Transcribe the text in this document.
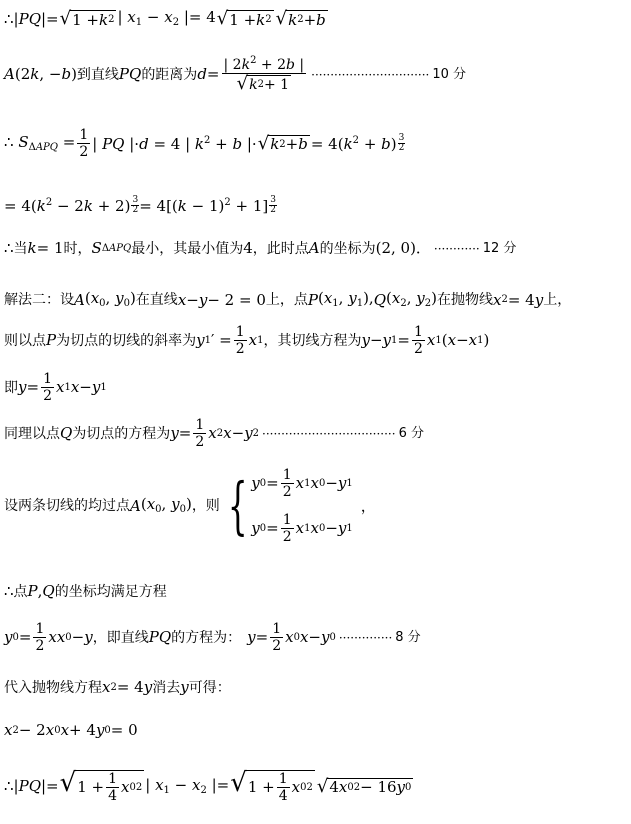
∴| PQ |= √ 1 + k 2 | $x_1 - x_2$ |= 4 √ 1 + k 2 √ k 2 + b
A (2k, −b) 到直线 PQ 的距离为 $d = \frac{| 2k^2 + 2b |}{√ k 2 + 1}$ ······························· 10 分
∴ $S_{\Delta APQ} = \frac{1}{2}$ | PQ |·d = 4 | $k^2 + b$ |· √ k $2 + b = 4(k^2 + b)$ 3
2
= $4(k^2 - 2k + 2) \frac{3}{2} = 4[(k - 1)^2 + 1]$ 3
2
∴ 当 k = 1 时， S ΔAPQ 最小，其最小值为 4 ，此时点 A 的坐标为 (2, 0)． ············ 12 分
解法二：设 A ($x_0$, $y_0$) 在直线 x − y − 2 = 0 上，点 P ($x_1$, $y_1$), Q ($x_2$, $y_2$) 在抛物线 x 2 = 4 y 上，
则以点 P 为切点的切线的斜率为 y 1 ′ = $\frac{1}{2}$ x 1 ，其切线方程为 y − y $1 = \frac{1}{2}$ x 1 ( x − x 1 )
即 $y = \frac{1}{2}$ x 1 x − y 1
同理以点 Q 为切点的方程为 $y = \frac{1}{2}$ x 2 x − y 2 ··································· 6 分
设两条切线的均过点 A ($x_0$, $y_0$) ，则 { y $0 = \frac{1}{2}$ x 1 x 0 − y 1
y $0 = \frac{1}{2}$ x 1 x 0 − y 1
，
∴ 点 P , Q 的坐标均满足方程
y $0 = \frac{1}{2}$ x x 0 − y ，即直线 PQ 的方程为： $y = \frac{1}{2}$ x 0 x − y 0 ·············· 8 分
代入抛物线方程 x 2 = 4 y 消去 y 可得：
x 2 − 2 x 0 x + 4 y 0 = 0
∴| PQ |= √ $1 + \frac{1}{4}$ x 0 2 | $x_1 - x_2$ |= √ $1 + \frac{1}{4}$ x 0 2 √ 4 x 0 2 − 16 y 0
